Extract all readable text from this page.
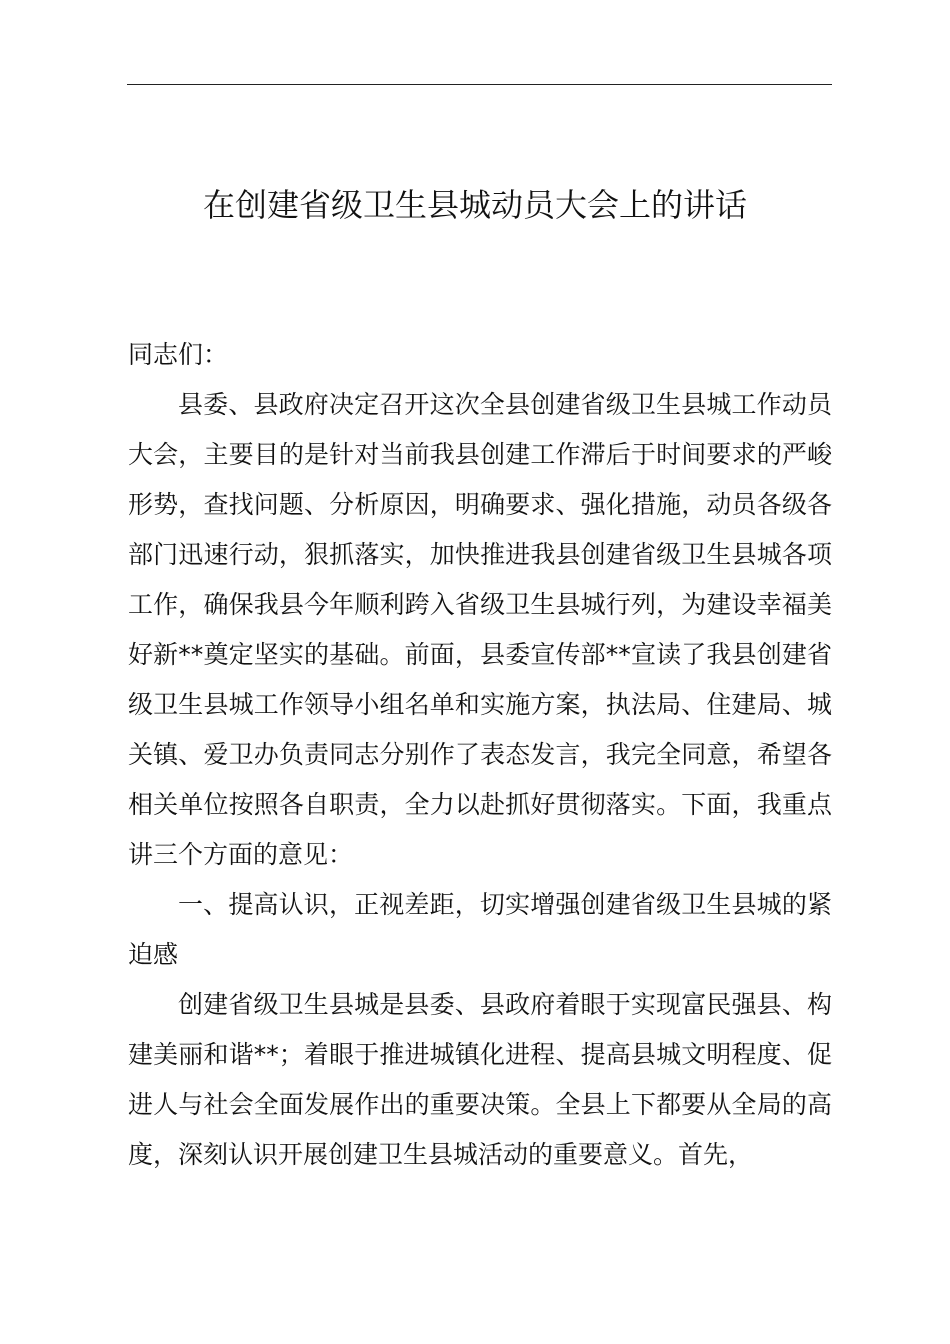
在创建省级卫生县城动员大会上的讲话

同志们：

县委、县政府决定召开这次全县创建省级卫生县城工作动员大会，主要目的是针对当前我县创建工作滞后于时间要求的严峻形势，查找问题、分析原因，明确要求、强化措施，动员各级各部门迅速行动，狠抓落实，加快推进我县创建省级卫生县城各项工作，确保我县今年顺利跨入省级卫生县城行列，为建设幸福美好新**奠定坚实的基础。前面，县委宣传部**宣读了我县创建省级卫生县城工作领导小组名单和实施方案，执法局、住建局、城关镇、爱卫办负责同志分别作了表态发言，我完全同意，希望各相关单位按照各自职责，全力以赴抓好贯彻落实。下面，我重点讲三个方面的意见：

一、提高认识，正视差距，切实增强创建省级卫生县城的紧迫感

创建省级卫生县城是县委、县政府着眼于实现富民强县、构建美丽和谐**；着眼于推进城镇化进程、提高县城文明程度、促进人与社会全面发展作出的重要决策。全县上下都要从全局的高度，深刻认识开展创建卫生县城活动的重要意义。首先，
